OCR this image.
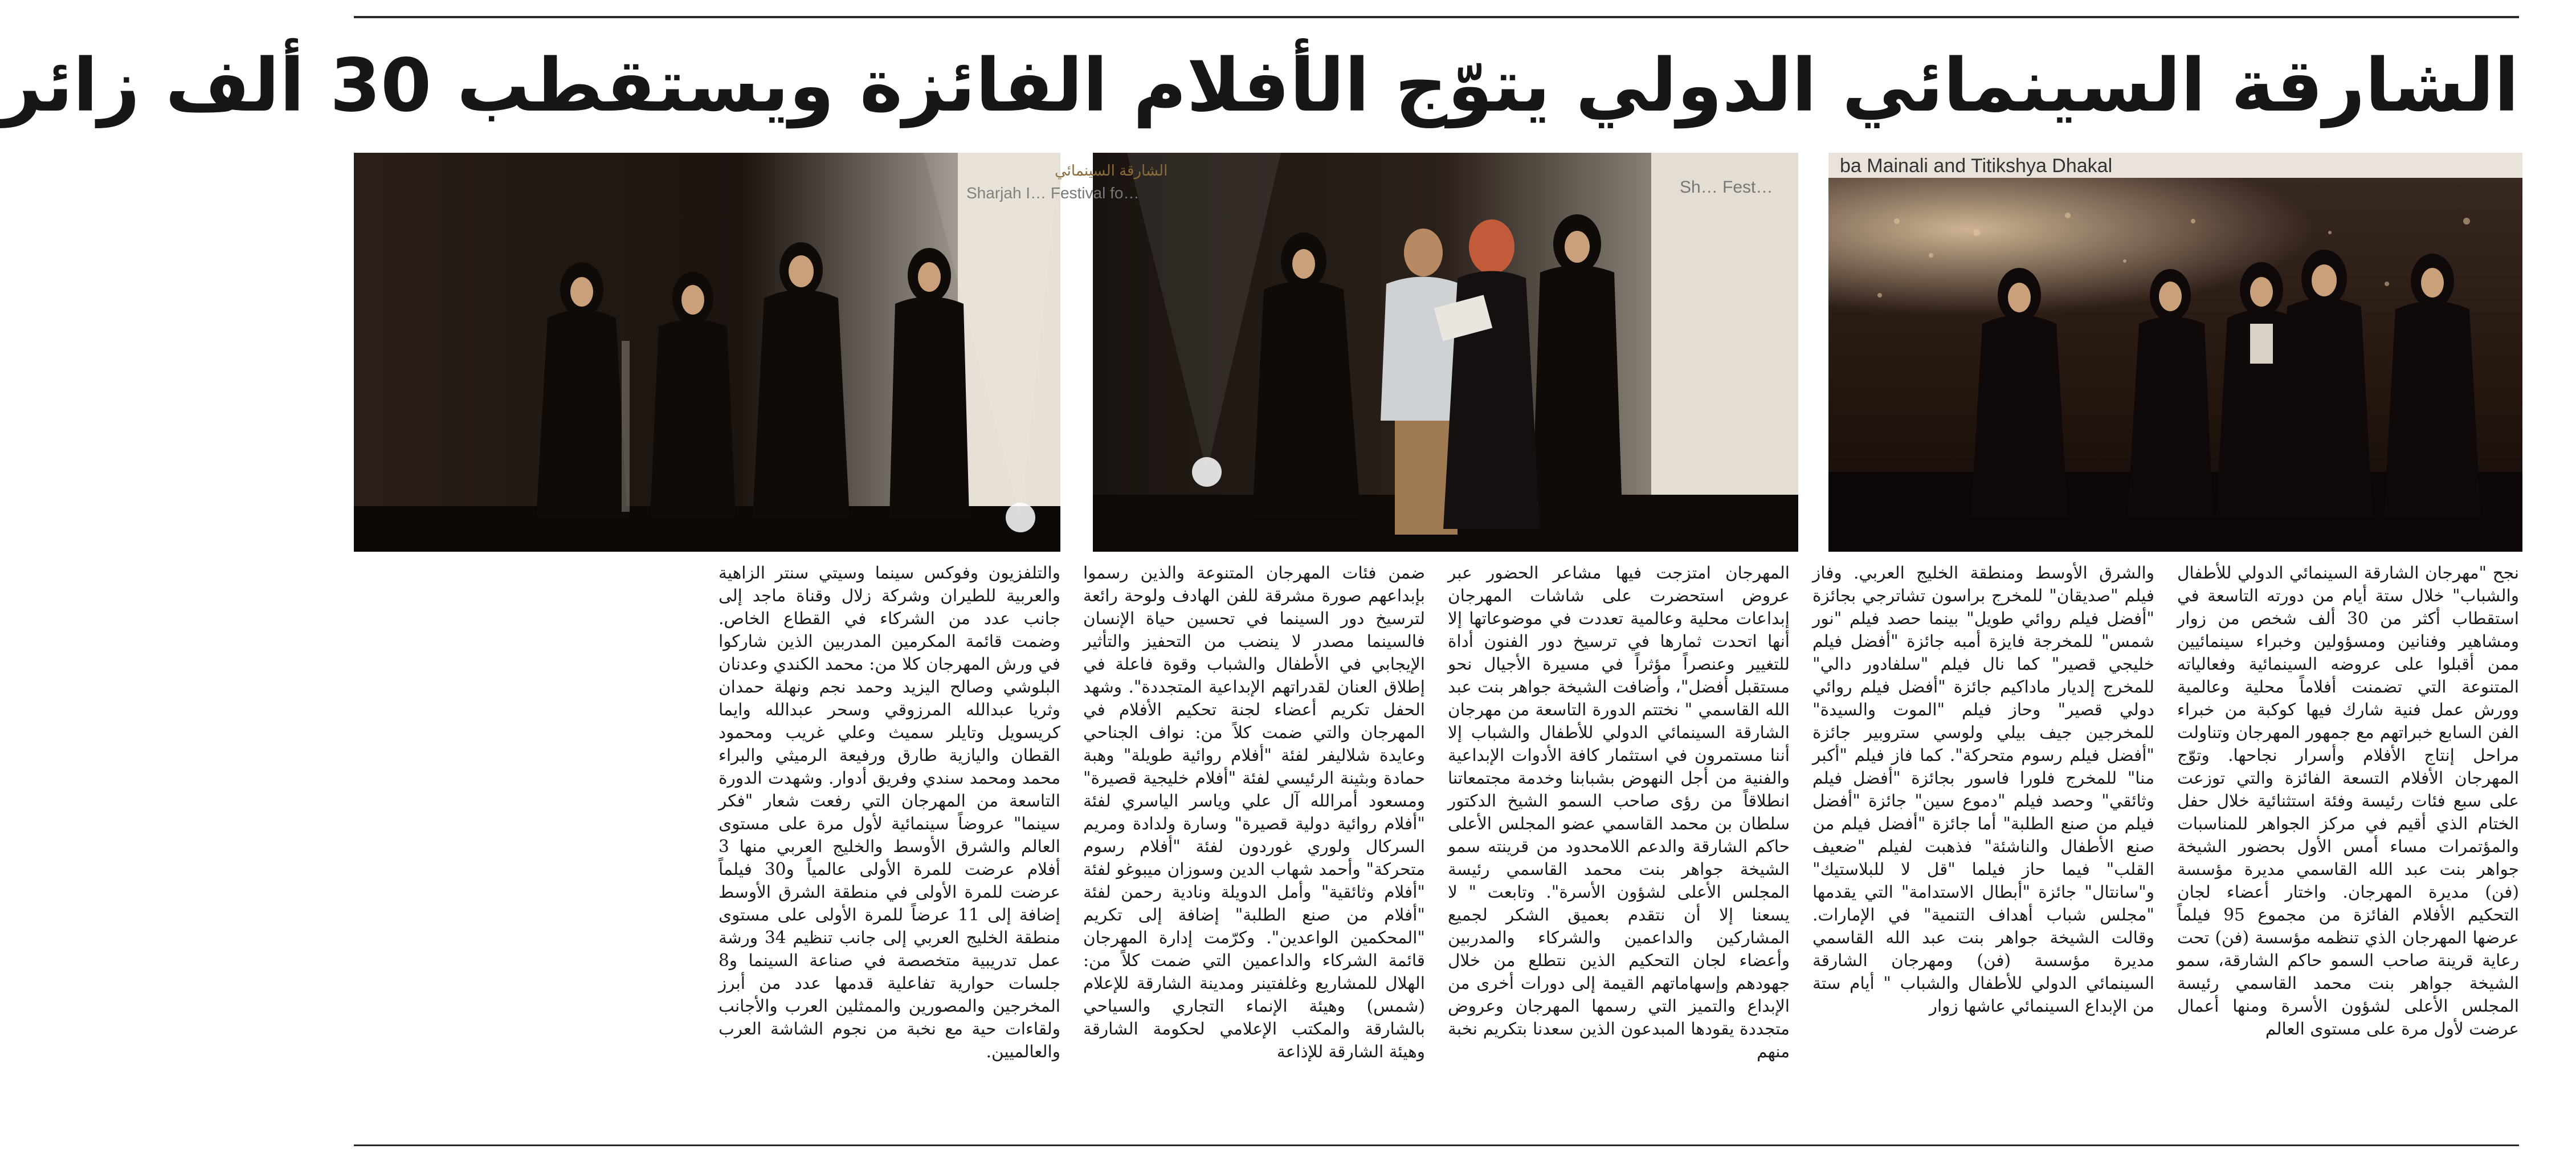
الشارقة السينمائي الدولي يتوّج الأفلام الفائزة ويستقطب 30 ألف زائر
ba Mainali and Titikshya Dhakal
Sh… Fest…
الشارقة السينمائي
Sharjah I… Festival fo…

نجح "مهرجان الشارقة السينمائي الدولي للأطفال والشباب" خلال ستة أيام من دورته التاسعة في استقطاب أكثر من 30 ألف شخص من زوار ومشاهير وفنانين ومسؤولين وخبراء سينمائيين ممن أقبلوا على عروضه السينمائية وفعالياته المتنوعة التي تضمنت أفلاماً محلية وعالمية وورش عمل فنية شارك فيها كوكبة من خبراء الفن السابع خبراتهم مع جمهور المهرجان وتناولت مراحل إنتاج الأفلام وأسرار نجاحها. وتوّج المهرجان الأفلام التسعة الفائزة والتي توزعت على سبع فئات رئيسة وفئة استثنائية خلال حفل الختام الذي أقيم في مركز الجواهر للمناسبات والمؤتمرات مساء أمس الأول بحضور الشيخة جواهر بنت عبد الله القاسمي مديرة مؤسسة (فن) مديرة المهرجان. واختار أعضاء لجان التحكيم الأفلام الفائزة من مجموع 95 فيلماً عرضها المهرجان الذي تنظمه مؤسسة (فن) تحت رعاية قرينة صاحب السمو حاكم الشارقة، سمو الشيخة جواهر بنت محمد القاسمي رئيسة المجلس الأعلى لشؤون الأسرة ومنها أعمال عرضت لأول مرة على مستوى العالم

والشرق الأوسط ومنطقة الخليج العربي. وفاز فيلم "صديقان" للمخرج براسون تشاترجي بجائزة "أفضل فيلم روائي طويل" بينما حصد فيلم "نور شمس" للمخرجة فايزة أمبه جائزة "أفضل فيلم خليجي قصير" كما نال فيلم "سلفادور دالي" للمخرج إلديار ماداكيم جائزة "أفضل فيلم روائي دولي قصير" وحاز فيلم "الموت والسيدة" للمخرجين جيف بيلي ولوسي ستروبير جائزة "أفضل فيلم رسوم متحركة". كما فاز فيلم "أكبر منا" للمخرج فلورا فاسور بجائزة "أفضل فيلم وثائقي" وحصد فيلم "دموع سين" جائزة "أفضل فيلم من صنع الطلبة" أما جائزة "أفضل فيلم من صنع الأطفال والناشئة" فذهبت لفيلم "ضعيف القلب" فيما حاز فيلما "قل لا للبلاستيك" و"سانتال" جائزة "أبطال الاستدامة" التي يقدمها "مجلس شباب أهداف التنمية" في الإمارات. وقالت الشيخة جواهر بنت عبد الله القاسمي مديرة مؤسسة (فن) ومهرجان الشارقة السينمائي الدولي للأطفال والشباب " أيام ستة من الإبداع السينمائي عاشها زوار

المهرجان امتزجت فيها مشاعر الحضور عبر عروض استحضرت على شاشات المهرجان إبداعات محلية وعالمية تعددت في موضوعاتها إلا أنها اتحدت ثمارها في ترسيخ دور الفنون أداة للتغيير وعنصراً مؤثراً في مسيرة الأجيال نحو مستقبل أفضل"، وأضافت الشيخة جواهر بنت عبد الله القاسمي " نختتم الدورة التاسعة من مهرجان الشارقة السينمائي الدولي للأطفال والشباب إلا أننا مستمرون في استثمار كافة الأدوات الإبداعية والفنية من أجل النهوض بشبابنا وخدمة مجتمعاتنا انطلاقاً من رؤى صاحب السمو الشيخ الدكتور سلطان بن محمد القاسمي عضو المجلس الأعلى حاكم الشارقة والدعم اللامحدود من قرينته سمو الشيخة جواهر بنت محمد القاسمي رئيسة المجلس الأعلى لشؤون الأسرة". وتابعت " لا يسعنا إلا أن نتقدم بعميق الشكر لجميع المشاركين والداعمين والشركاء والمدربين وأعضاء لجان التحكيم الذين نتطلع من خلال جهودهم وإسهاماتهم القيمة إلى دورات أخرى من الإبداع والتميز التي رسمها المهرجان وعروض متجددة يقودها المبدعون الذين سعدنا بتكريم نخبة منهم

ضمن فئات المهرجان المتنوعة والذين رسموا بإبداعهم صورة مشرقة للفن الهادف ولوحة رائعة لترسيخ دور السينما في تحسين حياة الإنسان فالسينما مصدر لا ينضب من التحفيز والتأثير الإيجابي في الأطفال والشباب وقوة فاعلة في إطلاق العنان لقدراتهم الإبداعية المتجددة". وشهد الحفل تكريم أعضاء لجنة تحكيم الأفلام في المهرجان والتي ضمت كلاً من: نواف الجناحي وعايدة شلاليفر لفئة "أفلام روائية طويلة" وهبة حمادة وبثينة الرئيسي لفئة "أفلام خليجية قصيرة" ومسعود أمرالله آل علي وياسر الياسري لفئة "أفلام روائية دولية قصيرة" وسارة ولدادة ومريم السركال ولوري غوردون لفئة "أفلام رسوم متحركة" وأحمد شهاب الدين وسوزان ميبوغو لفئة "أفلام وثائقية" وأمل الدويلة ونادية رحمن لفئة "أفلام من صنع الطلبة" إضافة إلى تكريم "المحكمين الواعدين". وكرّمت إدارة المهرجان قائمة الشركاء والداعمين التي ضمت كلاً من: الهلال للمشاريع وغلفتينر ومدينة الشارقة للإعلام (شمس) وهيئة الإنماء التجاري والسياحي بالشارقة والمكتب الإعلامي لحكومة الشارقة وهيئة الشارقة للإذاعة

والتلفزيون وفوكس سينما وسيتي سنتر الزاهية والعربية للطيران وشركة زلال وقناة ماجد إلى جانب عدد من الشركاء في القطاع الخاص. وضمت قائمة المكرمين المدربين الذين شاركوا في ورش المهرجان كلا من: محمد الكندي وعدنان البلوشي وصالح اليزيد وحمد نجم ونهلة حمدان وثريا عبدالله المرزوقي وسحر عبدالله وايما كريسويل وتايلر سميث وعلي غريب ومحمود القطان واليازية طارق ورفيعة الرميثي والبراء محمد ومحمد سندي وفريق أدوار. وشهدت الدورة التاسعة من المهرجان التي رفعت شعار "فكر سينما" عروضاً سينمائية لأول مرة على مستوى العالم والشرق الأوسط والخليج العربي منها 3 أفلام عرضت للمرة الأولى عالمياً و30 فيلماً عرضت للمرة الأولى في منطقة الشرق الأوسط إضافة إلى 11 عرضاً للمرة الأولى على مستوى منطقة الخليج العربي إلى جانب تنظيم 34 ورشة عمل تدريبية متخصصة في صناعة السينما و8 جلسات حوارية تفاعلية قدمها عدد من أبرز المخرجين والمصورين والممثلين العرب والأجانب ولقاءات حية مع نخبة من نجوم الشاشة العرب والعالميين.
